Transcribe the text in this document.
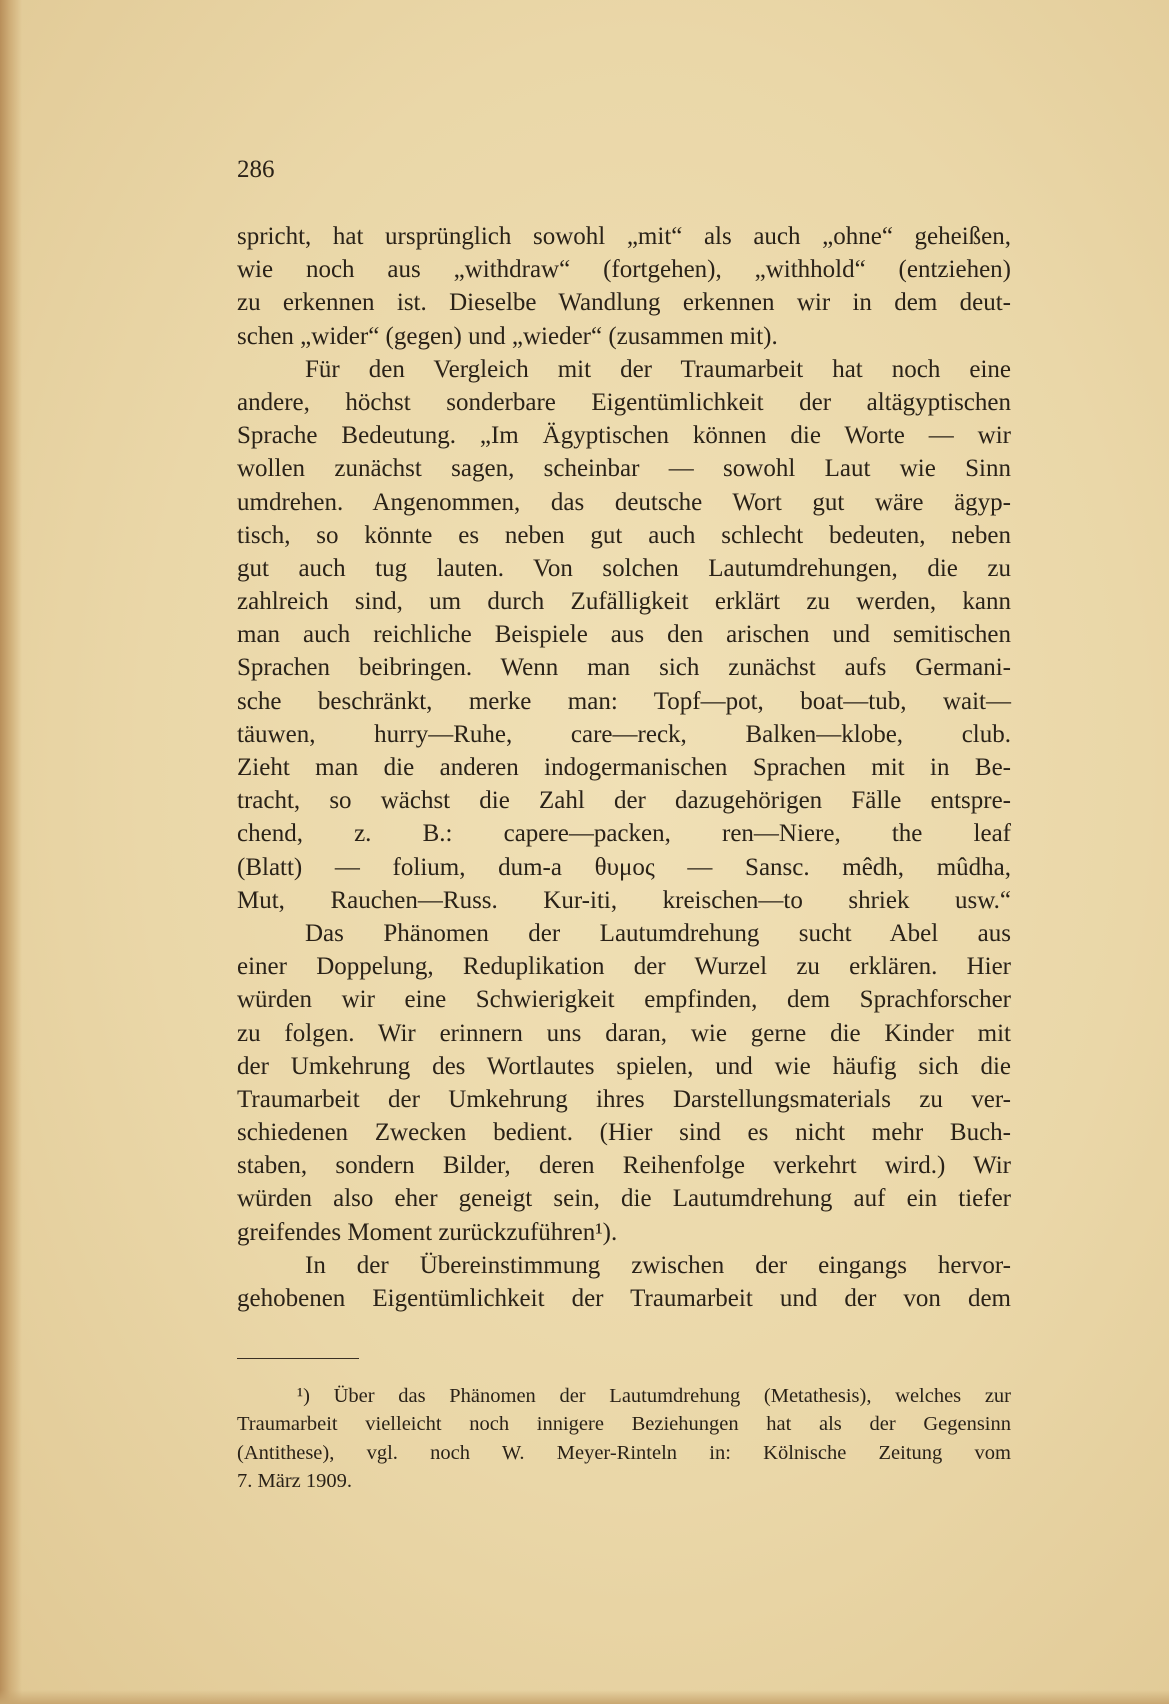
286
spricht, hat ursprünglich sowohl „mit“ als auch „ohne“ geheißen,
wie noch aus „withdraw“ (fortgehen), „withhold“ (entziehen)
zu erkennen ist. Dieselbe Wandlung erkennen wir in dem deut-
schen „wider“ (gegen) und „wieder“ (zusammen mit).
Für den Vergleich mit der Traumarbeit hat noch eine
andere, höchst sonderbare Eigentümlichkeit der altägyptischen
Sprache Bedeutung. „Im Ägyptischen können die Worte — wir
wollen zunächst sagen, scheinbar — sowohl Laut wie Sinn
umdrehen. Angenommen, das deutsche Wort gut wäre ägyp-
tisch, so könnte es neben gut auch schlecht bedeuten, neben
gut auch tug lauten. Von solchen Lautumdrehungen, die zu
zahlreich sind, um durch Zufälligkeit erklärt zu werden, kann
man auch reichliche Beispiele aus den arischen und semitischen
Sprachen beibringen. Wenn man sich zunächst aufs Germani-
sche beschränkt, merke man: Topf—pot, boat—tub, wait—
täuwen, hurry—Ruhe, care—reck, Balken—klobe, club.
Zieht man die anderen indogermanischen Sprachen mit in Be-
tracht, so wächst die Zahl der dazugehörigen Fälle entspre-
chend, z. B.: capere—packen, ren—Niere, the leaf
(Blatt) — folium, dum-a θυμος — Sansc. mêdh, mûdha,
Mut, Rauchen—Russ. Kur-iti, kreischen—to shriek usw.“
Das Phänomen der Lautumdrehung sucht Abel aus
einer Doppelung, Reduplikation der Wurzel zu erklären. Hier
würden wir eine Schwierigkeit empfinden, dem Sprachforscher
zu folgen. Wir erinnern uns daran, wie gerne die Kinder mit
der Umkehrung des Wortlautes spielen, und wie häufig sich die
Traumarbeit der Umkehrung ihres Darstellungsmaterials zu ver-
schiedenen Zwecken bedient. (Hier sind es nicht mehr Buch-
staben, sondern Bilder, deren Reihenfolge verkehrt wird.) Wir
würden also eher geneigt sein, die Lautumdrehung auf ein tiefer
greifendes Moment zurückzuführen¹).
In der Übereinstimmung zwischen der eingangs hervor-
gehobenen Eigentümlichkeit der Traumarbeit und der von dem
¹) Über das Phänomen der Lautumdrehung (Metathesis), welches zur
Traumarbeit vielleicht noch innigere Beziehungen hat als der Gegensinn
(Antithese), vgl. noch W. Meyer-Rinteln in: Kölnische Zeitung vom
7. März 1909.
